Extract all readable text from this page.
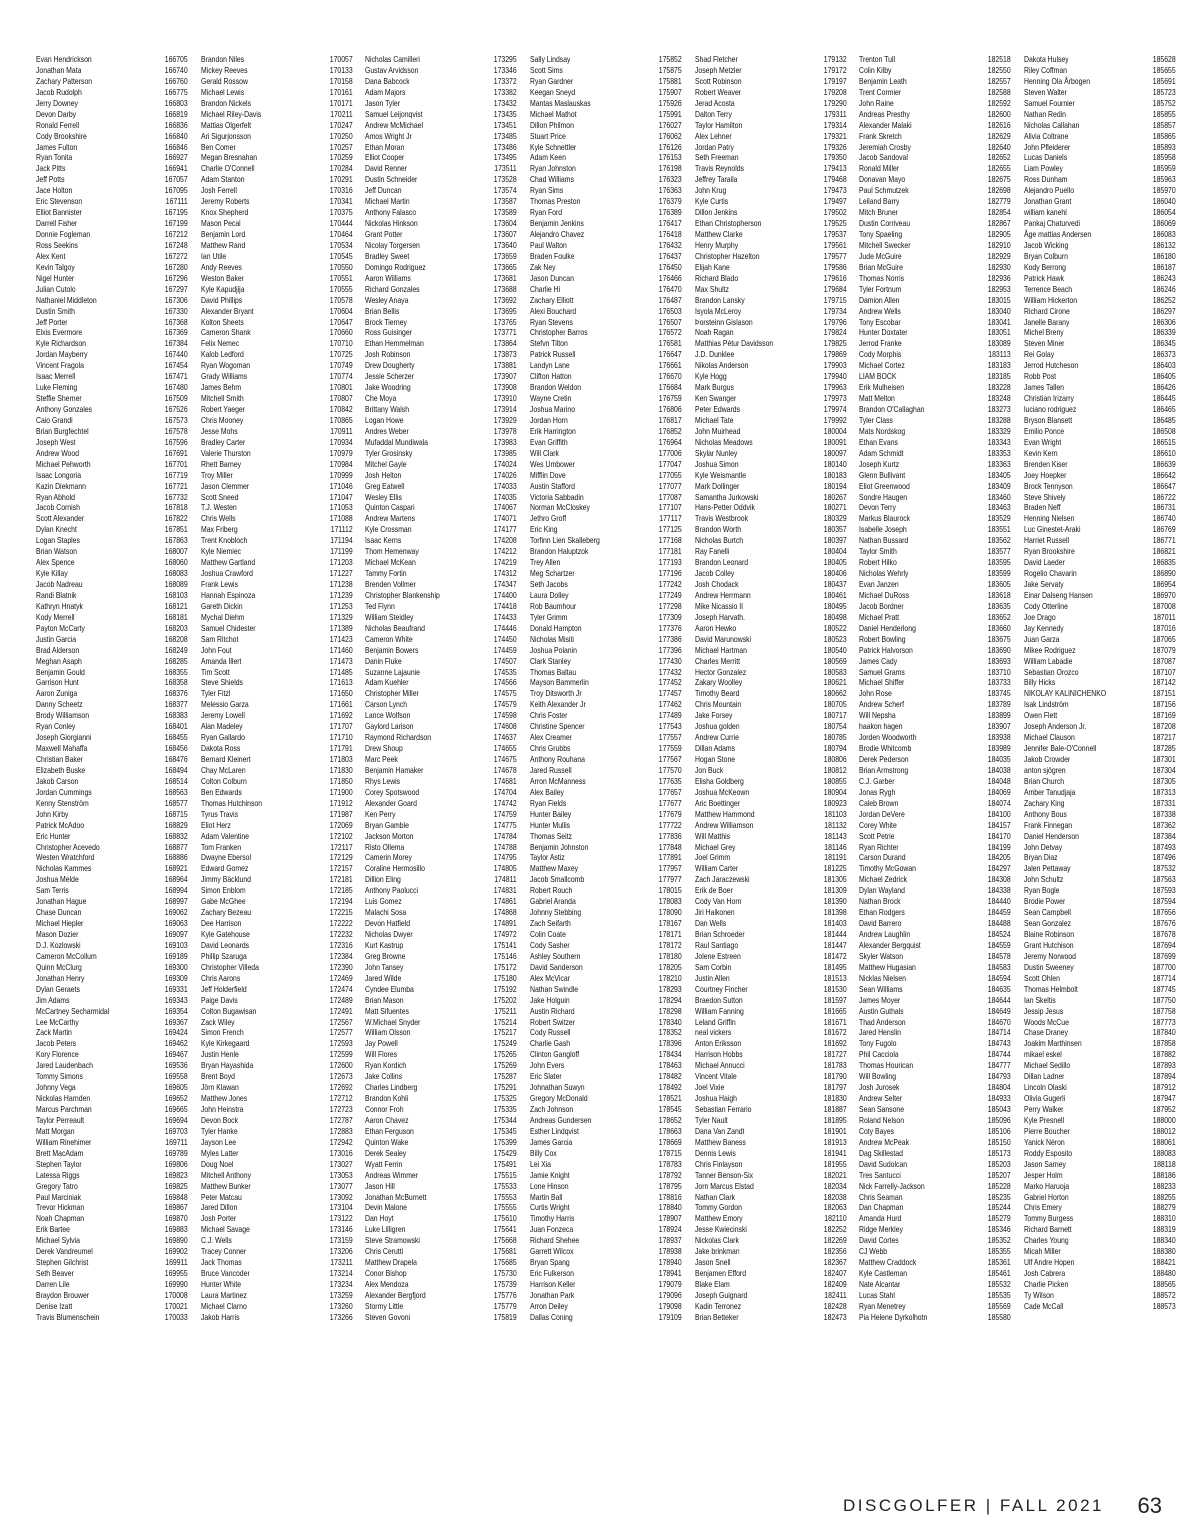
Evan Hendrickson	166705
Jonathan Mata	166740
Zachary Patterson	166760
Jacob Rudolph	166775
Jerry Downey	166803
Devon Darby	166819
Ronald Ferrell	166836
Cody Brookshire	166840
James Fulton	166846
Ryan Tonita	166927
Jack Pitts	166941
Jeff Potts	167057
Jace Holton	167095
Eric Stevenson	167111
Elliot Bannister	167195
Darrell Fisher	167199
Donnie Fogleman	167212
Ross Seekins	167248
Alex Kent	167272
Kevin Talgoy	167280
Nigel Hunter	167296
Julian Cutolo	167297
Nathaniel Middleton	167306
Dustin Smith	167330
Jeff Porter	167368
Elxis Evermore	167369
Kyle Richardson	167384
Jordan Mayberry	167440
Vincent Fragola	167454
Isaac Merrell	167471
Luke Fleming	167480
Steffie Sherner	167509
Anthony Gonzales	167526
Caio Grandi	167573
Brian Burgfechtel	167578
Joseph West	167596
Andrew Wood	167691
Michael Pehworth	167701
Isaac Longoria	167719
Kazin Diekmann	167721
Ryan Abhold	167732
Jacob Cornish	167818
Scott Alexander	167822
Dylan Knecht	167851
Logan Staples	167863
Brian Watson	168007
Alex Spence	168060
Kyle Killay	168083
Jacob Nadreau	168089
Randi Blatnik	168103
Kathryn Hnatyk	168121
Kody Merrell	168181
Payton McCarty	168203
Justin Garcia	168208
Brad Alderson	168249
Meghan Asaph	168285
Benjamin Gould	168355
Garrison Hunt	168358
Aaron Zuniga	168376
Danny Scheetz	168377
Brody Williamson	168383
Ryan Conley	168401
Joseph Giorgianni	168455
Maxwell Mahaffa	168456
Christian Baker	168476
Elizabeth Buske	168494
Jakob Carson	168514
Jordan Cummings	168563
Kenny Stenström	168577
John Kirby	168715
Patrick McAdoo	168829
Eric Hunter	168832
Christopher Acevedo	168877
Westen Wratchford	168886
Nicholas Kammes	168921
Joshua Melde	168964
Sam Terris	168994
Jonathan Hague	168997
Chase Duncan	169062
Michael Hiepler	169063
Mason Dozier	169097
D.J. Kozlowski	169103
Cameron McCollum	169189
Quinn McClurg	169300
Jonathan Henry	169309
Dylan Geraets	169331
Jim Adams	169343
McCartney Secharmidal	169354
Lee McCarthy	169367
Zack Martin	169424
Jacob Peters	169462
Kory Florence	169467
Jared Laudenbach	169536
Tommy Simons	169558
Johnny Vega	169605
Nickolas Harnden	169652
Marcus Parchman	169665
Taylor Perreault	169694
Matt Morgan	169703
William Rinehimer	169711
Brett MacAdam	169789
Stephen Taylor	169806
Latessa Riggs	169823
Gregory Tatro	169825
Paul Marciniak	169848
Trevor Hickman	169867
Noah Chapman	169870
Erik Bartee	169883
Michael Sylvia	169890
Derek Vandreumel	169902
Stephen Gilchrist	169911
Seth Beaver	169955
Darren Lile	169990
Braydon Brouwer	170008
Denise Izatt	170021
Travis Blumenschein	170033
Brandon Niles	170057
Mickey Reeves	170133
Gerald Rossow	170158
Michael Lewis	170161
Brandon Nickels	170171
Michael Riley-Davis	170211
Mattias Olgerfelt	170247
Ari Sigurjonsson	170250
Ben Comer	170257
Megan Bresnahan	170259
Charlie O'Connell	170284
Adam Stanton	170291
Josh Ferrell	170316
Jeremy Roberts	170341
Knox Shepherd	170375
Mason Pecal	170444
Benjamin Lord	170464
Matthew Rand	170534
Ian Utile	170545
Andy Reeves	170550
Weston Baker	170551
Kyle Kapudjija	170555
David Phillips	170578
Alexander Bryant	170604
Kolton Sheets	170647
Cameron Shank	170660
Felix Nemec	170710
Kalob Ledford	170725
Ryan Wogoman	170749
Grady Williams	170774
James Behm	170801
Mitchell Smith	170807
Robert Yaeger	170842
Chris Mooney	170865
Jesse Mohs	170911
Bradley Carter	170934
Valerie Thurston	170979
Rhett Barney	170984
Troy Miller	170999
Jason Clemmer	171046
Scott Sneed	171047
T.J. Westen	171053
Chris Wells	171088
Max Friberg	171112
Trent Knobloch	171194
Kyle Niemiec	171199
Matthew Gartland	171203
Joshua Crawford	171227
Frank Lewis	171238
Hannah Espinoza	171239
Gareth Dickin	171253
Mychal Diehm	171329
Samuel Chidester	171389
Sam Ritchot	171423
John Fout	171460
Amanda Illert	171473
Tim Scott	171485
Steve Shields	171613
Tyler Fitzl	171650
Melessio Garza	171661
Jeremy Lowell	171692
Alan Madeley	171707
Ryan Gallardo	171710
Dakota Ross	171791
Bernard Kleinert	171803
Chay McLaren	171830
Colton Colburn	171850
Ben Edwards	171900
Thomas Hutchinson	171912
Tyrus Travis	171987
Eliot Herz	172069
Adam Valentine	172102
Tom Franken	172117
Dwayne Ebersol	172129
Edward Gomez	172157
Jimmy Bäcklund	172181
Simon Enblom	172185
Gabe McGhee	172194
Zachary Bezeau	172215
Dee Harrison	172222
Kyle Gatehouse	172232
David Leonards	172316
Phillip Szaruga	172384
Christopher Villeda	172390
Chris Aarons	172469
Jeff Holderfield	172474
Paige Davis	172489
Colton Bugawisan	172491
Zack Wiley	172567
Simon French	172577
Kyle Kirkegaard	172593
Justin Henle	172599
Bryan Hayashida	172600
Brent Boyd	172673
Jörn Klawan	172692
Matthew Jones	172712
John Heinstra	172723
Devon Bock	172787
Tyler Hanke	172883
Jayson Lee	172942
Myles Latter	173016
Doug Noel	173027
Mitchell Anthony	173053
Matthew Bunker	173077
Peter Matcau	173092
Jared Dillon	173104
Josh Porter	173122
Michael Savage	173146
C.J. Wells	173159
Tracey Conner	173206
Jack Thomas	173211
Bruce Vancoder	173214
Hunter White	173234
Laura Martinez	173259
Michael Clarno	173260
Jakob Harris	173266
Nicholas Camilleri	173295
Gustav Arvidsson	173346
Dana Babcock	173372
Adam Majors	173382
Jason Tyler	173432
Samuel Leijonqvist	173435
Andrew McMichael	173451
Amos Wright Jr	173485
Ethan Moran	173486
Elliot Cooper	173495
David Renner	173511
Dustin Schneider	173528
Jeff Duncan	173574
Michael Martin	173587
Anthony Falasco	173589
Nickolas Hinkson	173604
Grant Potter	173607
Nicolay Torgersen	173640
Bradley Sweet	173659
Domingo Rodriguez	173665
Aaron Williams	173681
Richard Gonzales	173688
Wesley Anaya	173692
Brian Bellis	173695
Brock Tierney	173765
Ross Guisinger	173771
Ethan Hemmelman	173864
Josh Robinson	173873
Drew Dougherty	173881
Jessie Scherzer	173907
Jake Woodring	173908
Che Moya	173910
Brittany Walsh	173914
Logan Howe	173929
Andres Weber	173978
Mufaddal Mundiwala	173983
Tyler Grosinsky	173985
Mitchel Gayle	174024
Josh Helton	174026
Greg Eatwell	174033
Wesley Ellis	174035
Quinton Caspari	174067
Andrew Martens	174071
Kyle Crossman	174177
Isaac Kerns	174208
Thom Hemenway	174212
Michael McKean	174219
Tammy Fortin	174312
Brenden Vollmer	174347
Christopher Blankenship	174400
Ted Flynn	174418
William Steidley	174433
Nicholas Beaufrand	174446
Cameron White	174450
Benjamin Bowers	174459
Danin Fluke	174507
Suzanne Lajaunie	174535
Adam Kuehler	174566
Christopher Miller	174575
Carson Lynch	174579
Lance Wolfson	174598
Gaylord Larison	174608
Raymond Richardson	174637
Drew Shoup	174655
Marc Peek	174675
Benjamin Hamaker	174678
Rhys Lewis	174681
Corey Spotswood	174704
Alexander Goard	174742
Ken Perry	174759
Bryan Gamble	174775
Jackson Morton	174784
Risto Ollema	174788
Camerin Morey	174795
Coraline Hermosillo	174805
Dillion Eling	174811
Anthony Paolucci	174831
Luis Gomez	174861
Malachi Sosa	174868
Devon Hatfield	174891
Nicholas Dwyer	174972
Kurt Kastrup	175141
Greg Browne	175146
John Tansey	175172
Jared Wilde	175180
Cyndee Elumba	175192
Brian Mason	175202
Matt Sifuentes	175211
W.Michael Snyder	175214
William Olsson	175217
Jay Powell	175249
Will Flores	175265
Ryan Kordich	175269
Jake Collins	175287
Charles Lindberg	175291
Brandon Kohli	175325
Connor Froh	175335
Aaron Chavez	175344
Ethan Ferguson	175345
Quinton Wake	175399
Derek Sealey	175429
Wyatt Ferrin	175491
Andreas Wimmer	175515
Jason Hill	175533
Jonathan McBurnett	175553
Devin Malone	175555
Dan Hoyt	175610
Luke Lilligren	175641
Steve Stramowski	175668
Chris Cerutti	175681
Matthew Drapela	175685
Conor Bishop	175730
Alex Mendoza	175739
Alexander Bergfjord	175776
Stormy Little	175779
Steven Govoni	175819
Sally Lindsay	175852
Scott Sims	175875
Ryan Gardner	175881
Keegan Sneyd	175907
Mantas Maslauskas	175926
Michael Mathot	175991
Dillon Philmon	176027
Stuart Price	176062
Kyle Schnettler	176126
Adam Keen	176153
Ryan Johnston	176198
Chad Williams	176323
Ryan Sims	176363
Thomas Preston	176379
Ryan Ford	176389
Benjamin Jenkins	176417
Alejandro Chavez	176418
Paul Walton	176432
Braden Foulke	176437
Zak Ney	176450
Jason Duncan	176466
Charlie Hi	176470
Zachary Elliott	176487
Alexi Bouchard	176503
Ryan Stevens	176507
Christopher Barros	176572
Stefvn Tilton	176581
Patrick Russell	176647
Landyn Lane	176661
Clifton Hatton	176670
Brandon Weldon	176684
Wayne Cretin	176759
Joshua Marino	176806
Jordan Horn	176817
Erik Harrington	176852
Evan Griffith	176964
Will Clark	177006
Wes Umbower	177047
Mifflin Dove	177055
Austin Stafford	177077
Victoria Sabbadin	177087
Norman McCloskey	177107
Jethro Groff	177117
Eric King	177125
Torfinn Lien Skalleberg	177168
Brandon Haluptzok	177181
Trey Allen	177193
Meg Schartzer	177196
Seth Jacobs	177242
Laura Dolley	177249
Rob Baumhour	177298
Tyler Grimm	177309
Donald Hampton	177376
Nicholas Misiti	177386
Joshua Polanin	177396
Clark Stanley	177430
Thomas Baltau	177432
Mayson Bammerlin	177452
Troy Ditsworth Jr	177457
Keith Alexander Jr	177462
Chris Foster	177489
Christine Spencer	177543
Alex Creamer	177557
Chris Grubbs	177559
Anthony Rouhana	177567
Jared Russell	177570
Arron McManness	177635
Alex Bailey	177657
Ryan Fields	177677
Hunter Bailey	177679
Hunter Mullis	177722
Thomas Seitz	177836
Benjamin Johnston	177848
Taylor Astiz	177891
Matthew Maxey	177957
Jacob Smallcomb	177977
Robert Rouch	178015
Gabriel Aranda	178083
Johnny Stebbing	178090
Zach Seifarth	178167
Colin Coate	178171
Cody Sasher	178172
Ashley Southern	178180
David Sanderson	178205
Alex McVicar	178210
Nathan Swindle	178293
Jake Holguin	178294
Austin Richard	178298
Robert Switzer	178340
Cody Russell	178352
Charlie Gash	178396
Clinton Gangloff	178434
John Evers	178463
Eric Slater	178482
Johnathan Suwyn	178492
Gregory McDonald	178521
Zach Johnson	178545
Andreas Gundersen	178652
Esther Lindqvist	178663
James Garcia	178669
Billy Cox	178715
Lei Xia	178783
Jamie Knight	178792
Lone Hinson	178795
Martin Ball	178816
Curtis Wright	178840
Timothy Harris	178907
Juan Fonzeca	178924
Richard Shehee	178937
Garrett Wilcox	178938
Bryan Spang	178940
Eric Fulkerson	178941
Harrison Keller	179079
Jonathan Park	179096
Arron Deiley	179098
Dallas Coning	179109
Shad Fletcher	179132
Joseph Metzler	179172
Scott Robinson	179197
Robert Weaver	179208
Jerad Acosta	179290
Dalton Terry	179311
Taylor Hamilton	179314
Alex Lehner	179321
Jordan Patry	179326
Seth Freeman	179350
Travis Reynolds	179413
Jeffrey Taraila	179468
John Krug	179473
Kyle Curtis	179497
Dillon Jenkins	179502
Ethan Christopherson	179525
Matthew Clarke	179537
Henry Murphy	179561
Christopher Hazelton	179577
Elijah Kane	179586
Richard Blado	179616
Max Shultz	179684
Brandon Lansky	179715
Isyola McLeroy	179734
Þorsteinn Gislason	179796
Noah Ragan	179824
Matthias Pétur Davidsson	179825
J.D. Dunklee	179869
Nikolas Anderson	179903
Kyle Hogg	179940
Mark Burgus	179963
Ken Swanger	179973
Peter Edwards	179974
Michael Tate	179992
John Muirhead	180004
Nicholas Meadows	180091
Skylar Nunley	180097
Joshua Simon	180140
Kyle Weismantle	180183
Mark Dollinger	180194
Samantha Jurkowski	180267
Hans-Petter Oddvik	180271
Travis Westbrook	180329
Brandon Worth	180357
Nicholas Burtch	180397
Ray Fanelli	180404
Brandon Leonard	180405
Jacob Colley	180406
Josh Chodack	180437
Andrew Herrmann	180461
Mike Nicassio II	180495
Joseph Harvath.	180498
Aaron Hewko	180522
David Marunowski	180523
Michael Hartman	180540
Charles Merritt	180569
Hector Gonzalez	180583
Zakary Woolley	180621
Timothy Beard	180662
Chris Mountain	180705
Jake Forsey	180717
Joshua golden	180754
Andrew Currie	180785
Dillan Adams	180794
Hogan Stone	180806
Jon Buck	180812
Elisha Goldberg	180855
Joshua McKeown	180904
Aric Boettinger	180923
Matthew Hammond	181103
Andrew Williamson	181132
Will Matthis	181143
Michael Grey	181146
Joel Grimm	181191
William Carter	181225
Zach Jaraczewski	181305
Erik de Boer	181309
Cody Van Horn	181390
Jiri Haikonen	181398
Dan Wells	181403
Brian Schroeder	181444
Raul Santiago	181447
Jolene Estreen	181472
Sam Corbin	181495
Justin Allen	181513
Courtney Fincher	181530
Braedon Sutton	181597
William Fanning	181665
Leland Griffin	181671
neal vickers	181672
Anton Eriksson	181692
Harrison Hobbs	181727
Michael Annucci	181783
Vincent Vitale	181790
Joel Vixie	181797
Joshua Haigh	181830
Sebastian Ferrario	181887
Tyler Nault	181895
Dana Van Zandt	181901
Matthew Baness	181913
Dennis Lewis	181941
Chris Finlayson	181955
Tanner Benson-Six	182021
Jorn Marcus Elstad	182034
Nathan Clark	182038
Tommy Gordon	182063
Matthew Emory	182110
Jesse Kwiecinski	182252
Nickolas Clark	182269
Jake brinkman	182356
Jason Snell	182367
Benjamen Efford	182407
Blake Elam	182409
Joseph Guignard	182411
Kadin Terronez	182428
Brian Betteker	182473
Trenton Tull	182518
Colin Kilby	182550
Benjamin Leath	182557
Trent Cormier	182588
John Raine	182592
Andreas Presthy	182600
Alexander Malaki	182616
Frank Skretch	182629
Jeremiah Crosby	182640
Jacob Sandoval	182652
Ronald Miller	182655
Donavan Mayo	182675
Paul Schmutzek	182698
Leiland Barry	182779
Mitch Bruner	182854
Dustin Corriveau	182867
Tony Spaeling	182905
Mitchell Swecker	182910
Jude McGuire	182929
Brian McGuire	182930
Thomas Norris	182936
Tyler Fortnum	182953
Damion Allen	183015
Andrew Wells	183040
Tony Escobar	183041
Hunter Doxtater	183051
Jerrod Franke	183089
Cody Morphis	183113
Michael Cortez	183183
LIAM BOCK	183185
Erik Mulheisen	183228
Matt Melton	183248
Brandon O'Callaghan	183273
Tyler Class	183288
Mats Nordskog	183329
Ethan Evans	183343
Adam Schmidt	183353
Joseph Kurtz	183363
Glenn Bullivant	183405
Eliot Greenwood	183409
Sondre Haugen	183460
Devon Terry	183463
Markus Blaurock	183529
Isabelle Joseph	183551
Nathan Bussard	183562
Taylor Smith	183577
Robert Hilko	183595
Nicholas Wehrly	183599
Evan Janzen	183605
Michael DuRoss	183618
Jacob Bordner	183635
Michael Pratt	183652
Daniel Henderlong	183660
Robert Bowling	183675
Patrick Halvorson	183690
James Cady	183693
Samuel Grams	183710
Michael Shiffer	183733
John Rose	183745
Andrew Scherf	183789
Will Nepsha	183899
haakon hagen	183907
Jorden Woodworth	183938
Brodie Whitcomb	183989
Derek Pederson	184035
Brian Armstrong	184038
C.J. Garber	184048
Jonas Rygh	184069
Caleb Brown	184074
Jordan DeVere	184100
Corey White	184157
Scott Petrie	184170
Ryan Richter	184199
Carson Durand	184205
Timothy McGowan	184297
Michael Zedrick	184308
Dylan Wayland	184338
Nathan Brock	184440
Ethan Rodgers	184459
David Barrero	184488
Andrew Laughlin	184524
Alexander Bergquist	184559
Skyler Watson	184578
Matthew Hugasian	184583
Nicklas Nielsen	184594
Sean Williams	184635
James Moyer	184644
Austin Guthals	184649
Thad Anderson	184670
Jared Henslin	184714
Tony Fugolo	184743
Phil Cacciola	184744
Thomas Hourican	184777
Will Bowling	184793
Josh Jurosek	184804
Andrew Selter	184933
Sean Sansone	185043
Roland Nelson	185096
Coty Bayes	185106
Andrew McPeak	185150
Dag Skillestad	185173
David Sudolcan	185203
Tres Santucci	185207
Nick Farrelly-Jackson	185228
Chris Seaman	185235
Dan Chapman	185244
Amanda Hurd	185279
Ridge Merkley	185346
David Cortes	185352
CJ Webb	185355
Matthew Craddock	185361
Kyle Castleman	185461
Nate Alcantar	185532
Lucas Stahl	185535
Ryan Menetrey	185569
Pia Helene Dyrkolhotn	185580
Dakota Hulsey	185628
Riley Coffman	185655
Henning Ola Årbogen	185691
Steven Walter	185723
Samuel Fournier	185752
Nathan Redin	185855
Nicholas Callahan	185857
Alivia Coltrane	185865
John Pfleiderer	185893
Lucas Daniels	185958
Liam Powley	185959
Ross Dunham	185963
Alejandro Puello	185970
Jonathan Grant	186040
william kanehl	186054
Pankaj Chaturvedi	186069
Åge mattias Andersen	186083
Jacob Wicking	186132
Bryan Colburn	186180
Kody Berrong	186187
Patrick Hawk	186243
Terrence Beach	186246
William Hickerton	186252
Richard Cirone	186297
Janelle Barany	186306
Michel Breny	186339
Steven Miner	186345
Rei Golay	186373
Jerrod Hutcheson	186403
Robb Post	186405
James Tallen	186426
Christian Irizarry	186445
luciano rodriguez	186465
Bryson Blansett	186485
Emilio Ponce	186508
Evan Wright	186515
Kevin Kern	186610
Brenden Kiser	186639
Joey Hoepker	186642
Brock Tennyson	186647
Steve Shively	186722
Braden Neff	186731
Henning Nielsen	186740
Luc Ginestet-Araki	186769
Harriet Russell	186771
Ryan Brookshire	186821
David Laeder	186835
Rogelio Chavarin	186890
Jake Servaty	186954
Einar Dalseng Hansen	186970
Cody Otterline	187008
Joe Drago	187011
Jay Kennedy	187016
Juan Garza	187065
Mikee Rodriguez	187079
William Labadie	187087
Sebastian Orozco	187107
Billy Hicks	187142
NIKOLAY KALINICHENKO	187151
Isak Lindström	187156
Owen Flett	187169
Joseph Anderson Jr.	187208
Michael Clauson	187217
Jennifer Bale-O'Connell	187285
Jakob Crowder	187301
anton sjögren	187304
Brian Church	187305
Amber Tanudjaja	187313
Zachary King	187331
Anthony Bous	187338
Frank Finnegan	187362
Daniel Henderson	187384
John Detvay	187493
Bryan Diaz	187496
Jalen Pettaway	187532
John Schultz	187563
Ryan Bogle	187593
Brodie Power	187594
Sean Campbell	187656
Sean Gonzalez	187676
Blaine Robinson	187678
Grant Hutchison	187694
Jeremy Norwood	187699
Dustin Sweeney	187700
Scott Ohlen	187714
Thomas Helmbolt	187745
Ian Skeltis	187750
Jessip Jesus	187758
Woods McCue	187773
Chase Draney	187840
Joakim Marthinsen	187858
mikael eskel	187882
Michael Sedillo	187893
Dillan Ladner	187894
Lincoln Olaski	187912
Olivia Gugerli	187947
Perry Walker	187952
Kyle Presnell	188000
Pierre Boucher	188012
Yanick Néron	188061
Roddy Esposito	188083
Jason Sarney	188118
Jesper Holm	188186
Marko Haruoja	188233
Gabriel Horton	188255
Chris Emery	188279
Tommy Burgess	188310
Richard Barnett	188319
Charles Young	188340
Micah Miller	188380
Ulf Andre Hopen	188421
Josh Cabrera	188480
Charlie Picken	188565
Ty Wilson	188572
Cade McCall	188573
DISCGOLFER | FALL 2021 63
